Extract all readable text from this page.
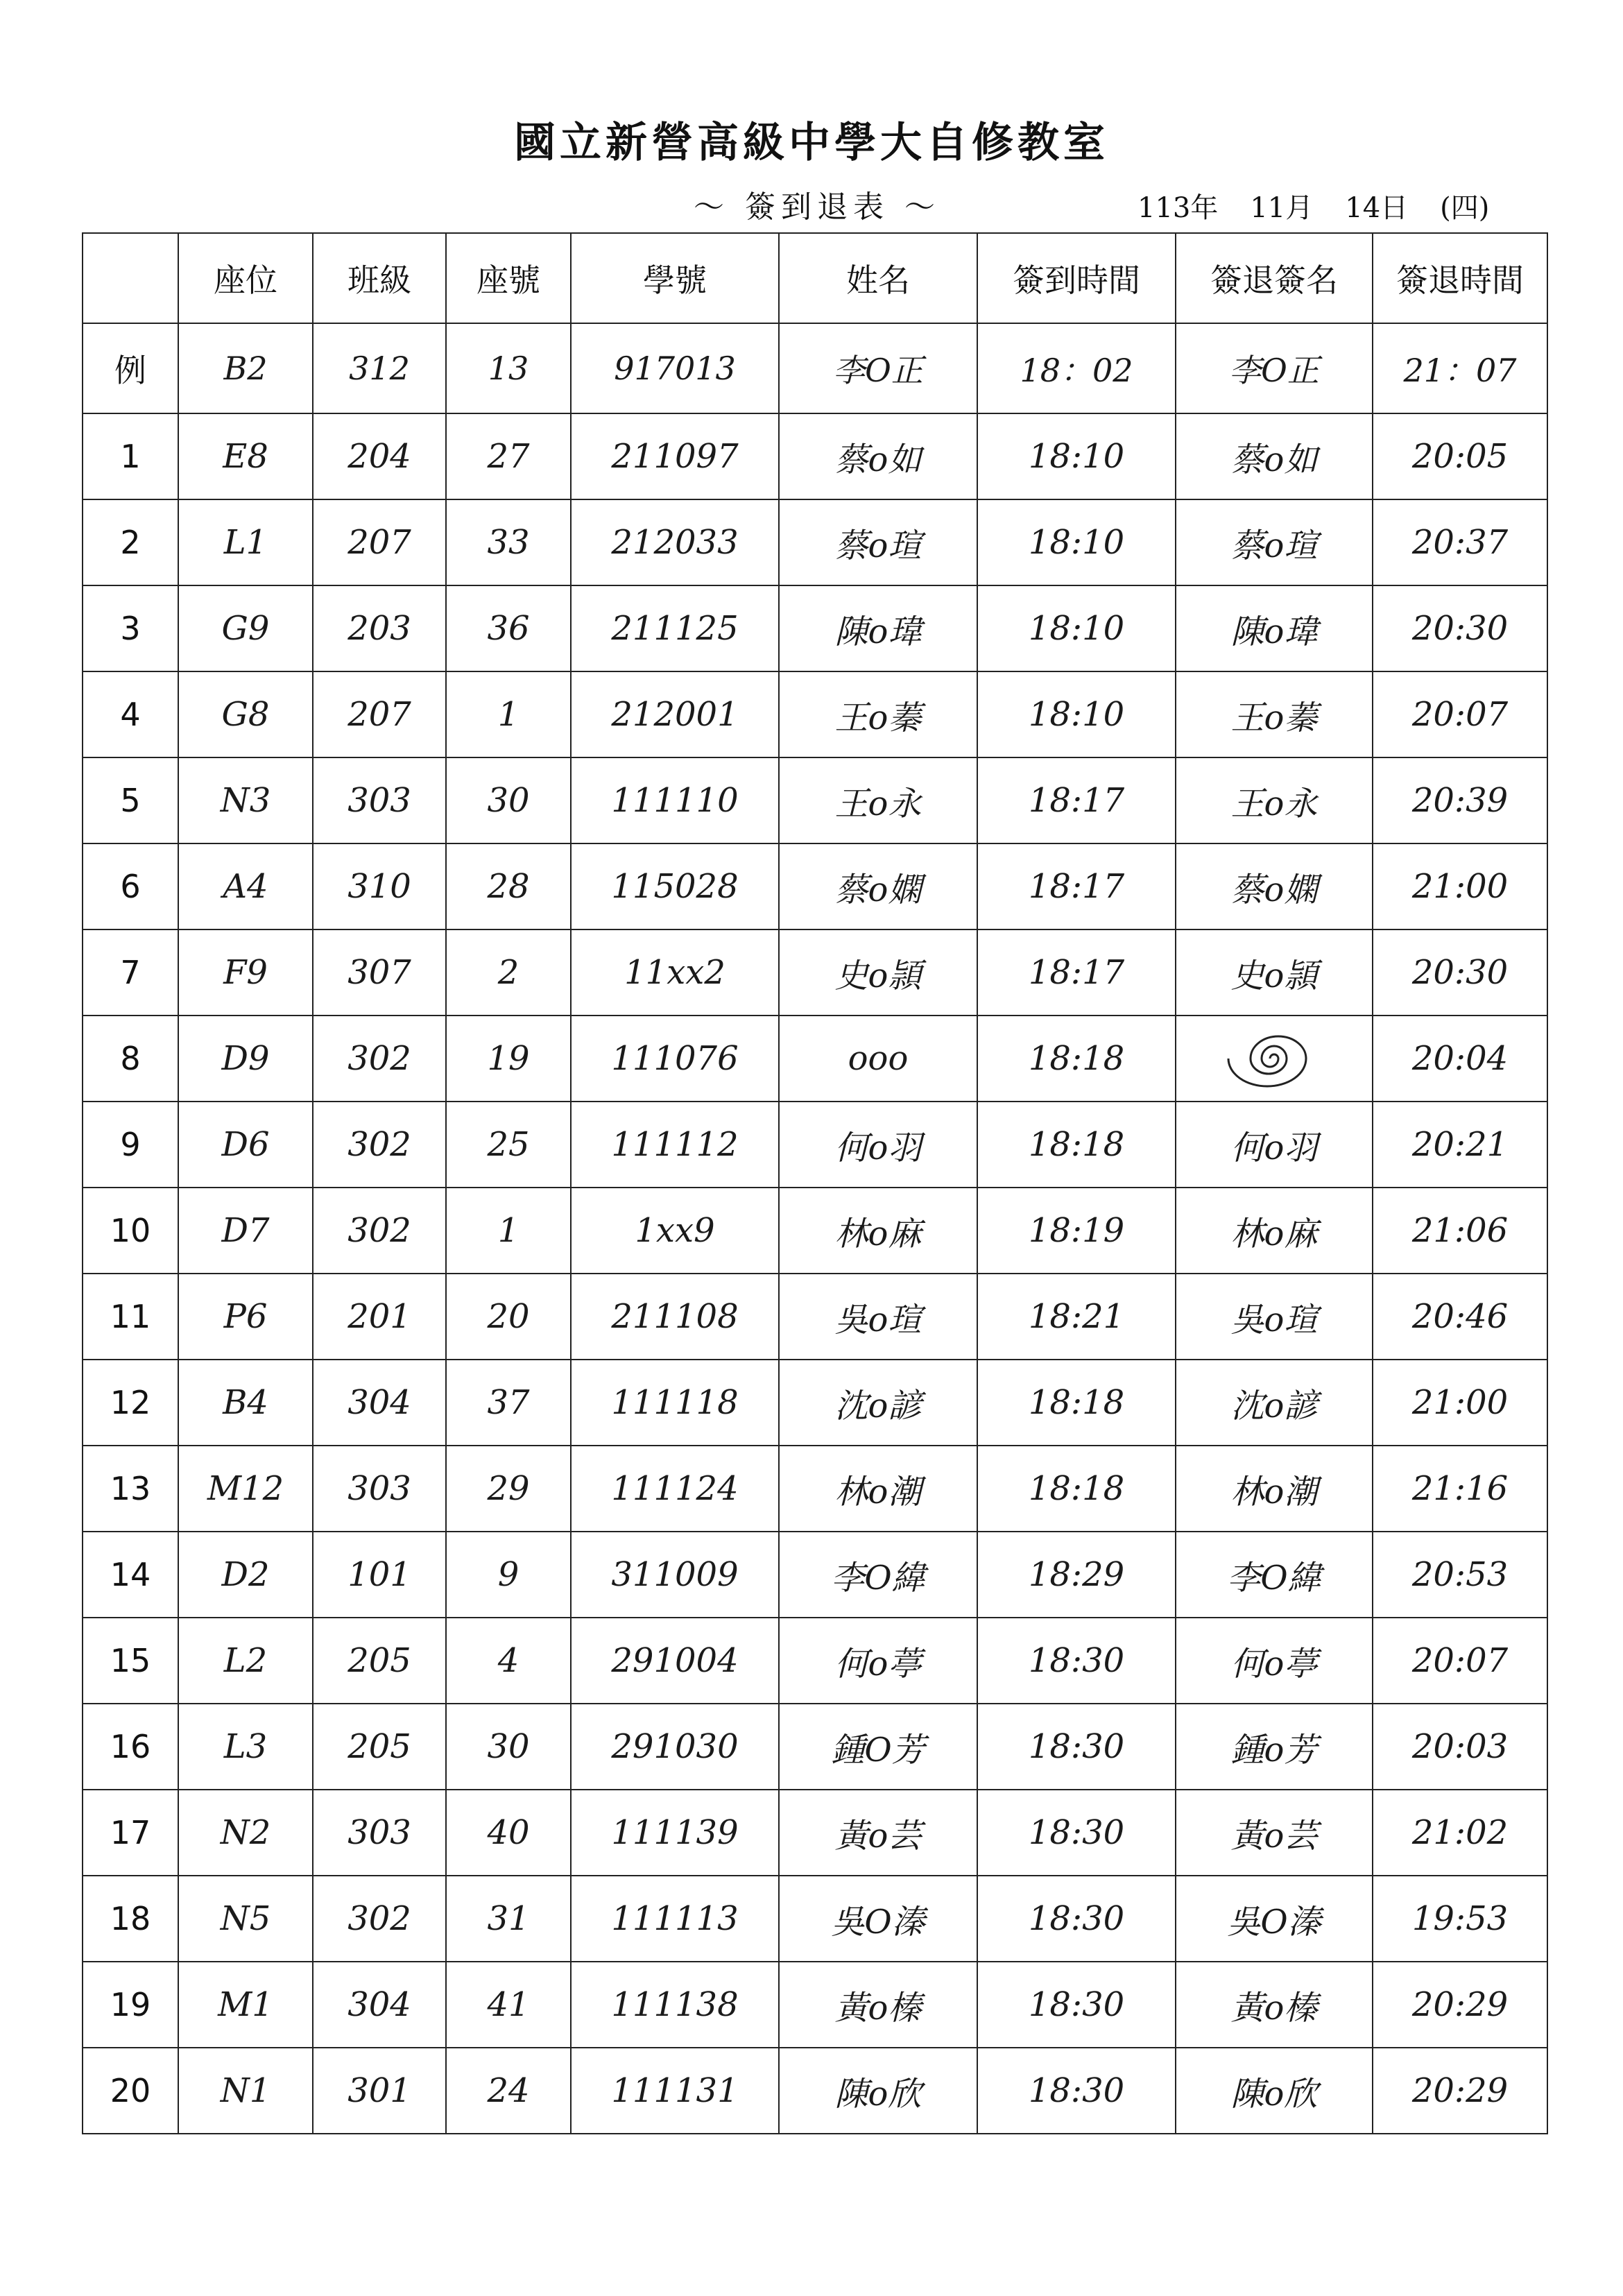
國立新營高級中學大自修教室
～ 簽到退表 ～	113年 11月 14日 (四)
	座位	班級	座號	學號	姓名	簽到時間	簽退簽名	簽退時間
例	B2	312	13	917013	李O正	18：02	李O正	21：07
1	E8	204	27	211097	蔡o如	18:10	蔡o如	20:05
2	L1	207	33	212033	蔡o瑄	18:10	蔡o瑄	20:37
3	G9	203	36	211125	陳o瑋	18:10	陳o瑋	20:30
4	G8	207	1	212001	王o蓁	18:10	王o蓁	20:07
5	N3	303	30	111110	王o永	18:17	王o永	20:39
6	A4	310	28	115028	蔡o嫻	18:17	蔡o嫻	21:00
7	F9	307	2	11xx2	史o頴	18:17	史o頴	20:30
8	D9	302	19	111076	ooo	18:18		20:04
9	D6	302	25	111112	何o羽	18:18	何o羽	20:21
10	D7	302	1	1xx9	林o麻	18:19	林o麻	21:06
11	P6	201	20	211108	吳o瑄	18:21	吳o瑄	20:46
12	B4	304	37	111118	沈o諺	18:18	沈o諺	21:00
13	M12	303	29	111124	林o潮	18:18	林o潮	21:16
14	D2	101	9	311009	李O緯	18:29	李O緯	20:53
15	L2	205	4	291004	何o葶	18:30	何o葶	20:07
16	L3	205	30	291030	鍾O芳	18:30	鍾o芳	20:03
17	N2	303	40	111139	黃o芸	18:30	黃o芸	21:02
18	N5	302	31	111113	吳O溱	18:30	吳O溱	19:53
19	M1	304	41	111138	黃o榛	18:30	黃o榛	20:29
20	N1	301	24	111131	陳o欣	18:30	陳o欣	20:29
